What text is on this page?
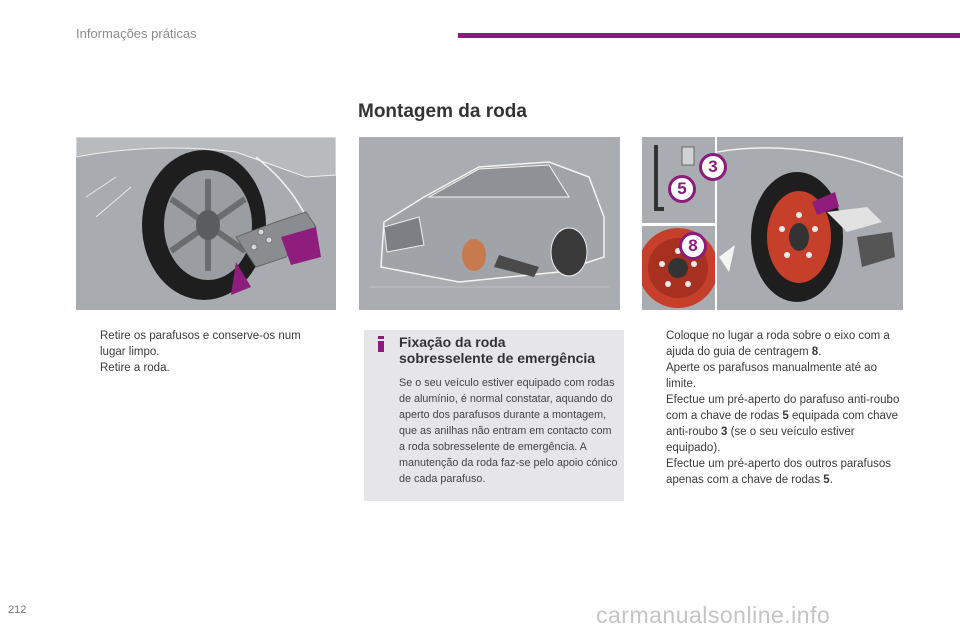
Informações práticas
Montagem da roda
3
5
8

Retire os parafusos e conserve-os num lugar limpo.

Retire a roda.

Fixação da roda
sobresselente de emergência
Se o seu veículo estiver equipado com rodas de alumínio, é normal constatar, aquando do aperto dos parafusos durante a montagem, que as anilhas não entram em contacto com a roda sobresselente de emergência. A manutenção da roda faz-se pelo apoio cónico de cada parafuso.

Coloque no lugar a roda sobre o eixo com a ajuda do guia de centragem 8.

Aperte os parafusos manualmente até ao limite.

Efectue um pré-aperto do parafuso anti-roubo com a chave de rodas 5 equipada com chave anti-roubo 3 (se o seu veículo estiver equipado).

Efectue um pré-aperto dos outros parafusos apenas com a chave de rodas 5.

212	carmanualsonline.info
